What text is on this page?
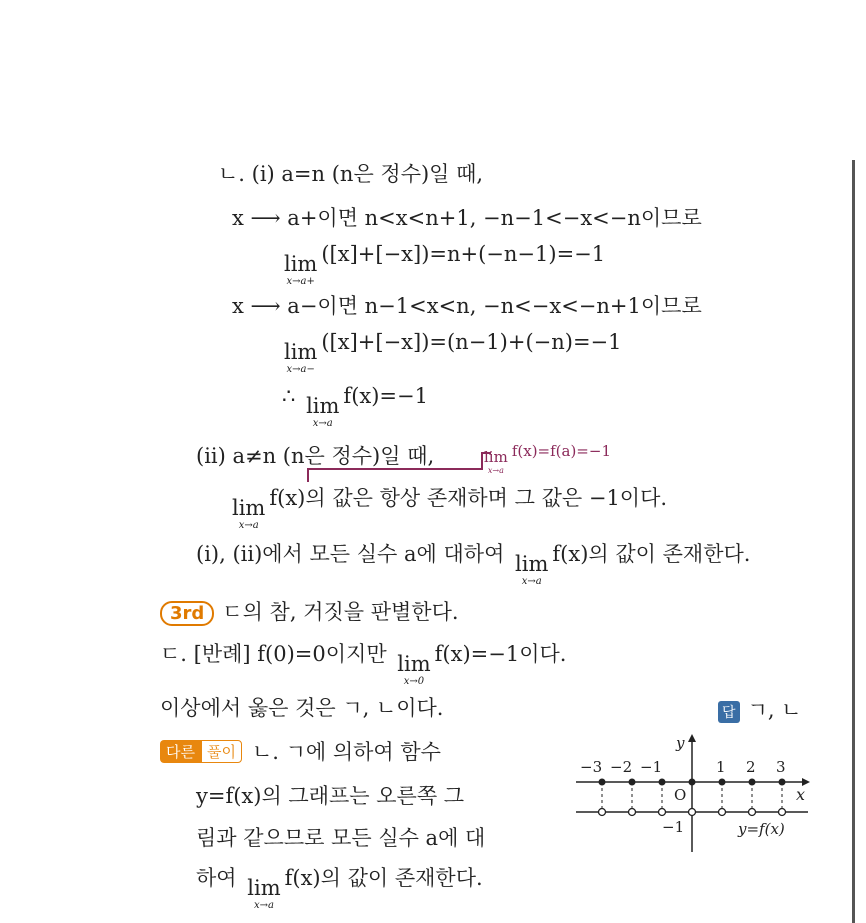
ㄴ. (i) a=n (n은 정수)일 때,
x ⟶ a+이면 n<x<n+1, −n−1<−x<−n이므로
lim
x→a+
([x]+[−x])=n+(−n−1)=−1
x ⟶ a−이면 n−1<x<n, −n<−x<−n+1이므로
lim
x→a−
([x]+[−x])=(n−1)+(−n)=−1
∴ lim
x→a
f(x)=−1
(ii) a≠n (n은 정수)일 때,	lim
x→a
f(x)=f(a)=−1
lim
x→a
f(x)의 값은 항상 존재하며 그 값은 −1이다.
(i), (ii)에서 모든 실수 a에 대하여 lim
x→a
f(x)의 값이 존재한다.
3rd ㄷ의 참, 거짓을 판별한다.
ㄷ. [반례] f(0)=0이지만 lim
x→0
f(x)=−1이다.
이상에서 옳은 것은 ㄱ, ㄴ이다.	답 ㄱ, ㄴ
다른 풀이 ㄴ. ㄱ에 의하여 함수
y=f(x)의 그래프는 오른쪽 그
림과 같으므로 모든 실수 a에 대
하여 lim
x→a
f(x)의 값이 존재한다.
y
x
O
−3 −2 −1	1 2 3
−1	y=f(x)
